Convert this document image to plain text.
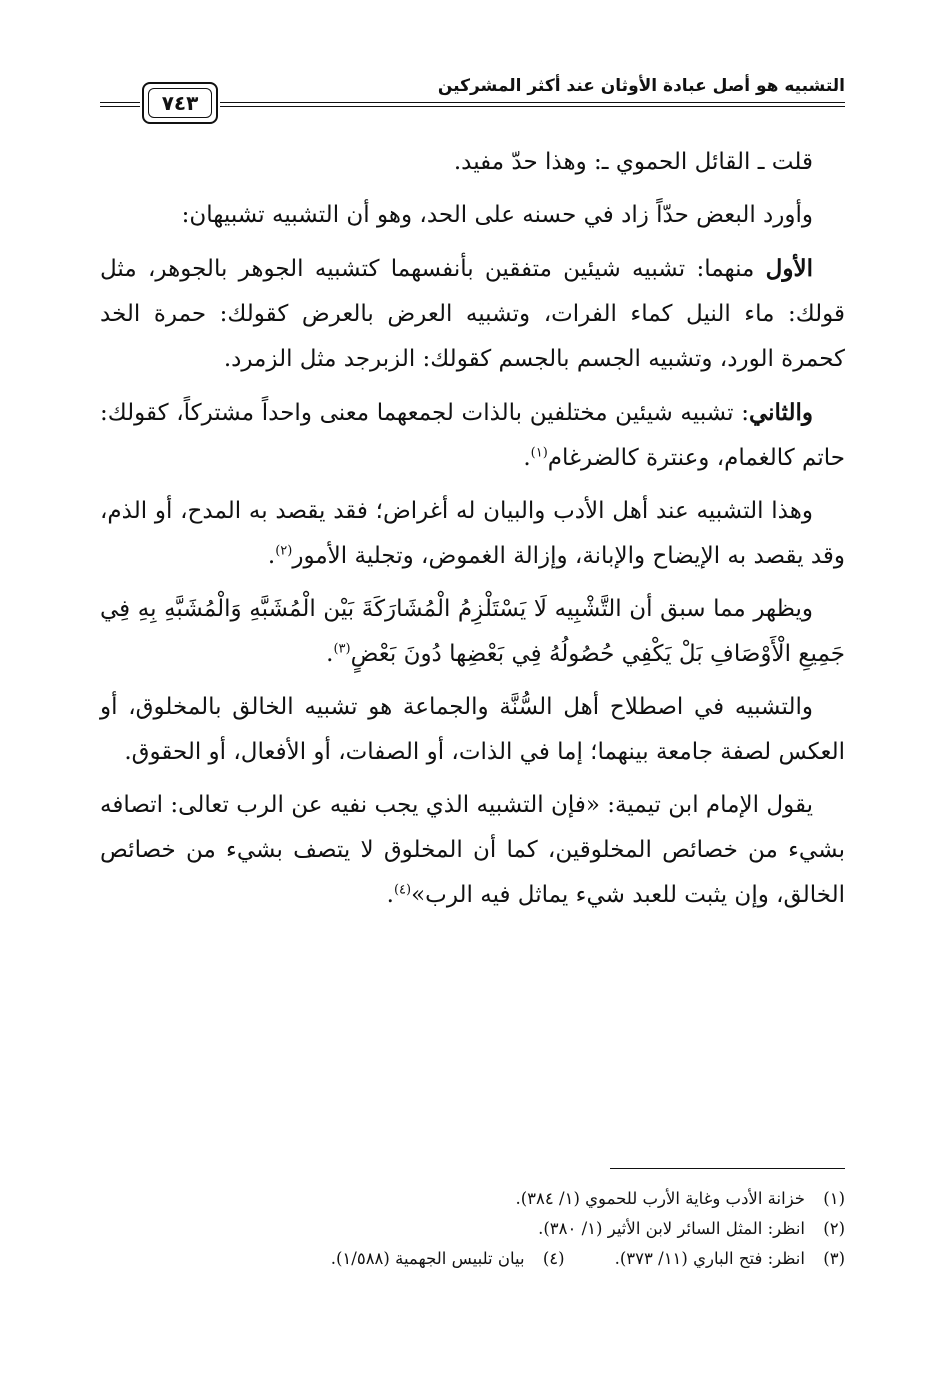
التشبيه هو أصل عبادة الأوثان عند أكثر المشركين
٧٤٣

قلت ـ القائل الحموي ـ: وهذا حدّ مفيد.

وأورد البعض حدّاً زاد في حسنه على الحد، وهو أن التشبيه تشبيهان:

الأول منهما: تشبيه شيئين متفقين بأنفسهما كتشبيه الجوهر بالجوهر، مثل قولك: ماء النيل كماء الفرات، وتشبيه العرض بالعرض كقولك: حمرة الخد كحمرة الورد، وتشبيه الجسم بالجسم كقولك: الزبرجد مثل الزمرد.

والثاني: تشبيه شيئين مختلفين بالذات لجمعهما معنى واحداً مشتركاً، كقولك: حاتم كالغمام، وعنترة كالضرغام$^{(١)}$.

وهذا التشبيه عند أهل الأدب والبيان له أغراض؛ فقد يقصد به المدح، أو الذم، وقد يقصد به الإيضاح والإبانة، وإزالة الغموض، وتجلية الأمور$^{(٢)}$.

ويظهر مما سبق أن التَّشْبِيه لَا يَسْتَلْزِمُ الْمُشَارَكَةَ بَيْن الْمُشَبَّهِ وَالْمُشَبَّهِ بِهِ فِي جَمِيعِ الْأَوْصَافِ بَلْ يَكْفِي حُصُولُهُ فِي بَعْضِها دُونَ بَعْضٍ$^{(٣)}$.

والتشبيه في اصطلاح أهل السُّنَّة والجماعة هو تشبيه الخالق بالمخلوق، أو العكس لصفة جامعة بينهما؛ إما في الذات، أو الصفات، أو الأفعال، أو الحقوق.

يقول الإمام ابن تيمية: «فإن التشبيه الذي يجب نفيه عن الرب تعالى: اتصافه بشيء من خصائص المخلوقين، كما أن المخلوق لا يتصف بشيء من خصائص الخالق، وإن يثبت للعبد شيء يماثل فيه الرب»$^{(٤)}$.

(١)خزانة الأدب وغاية الأرب للحموي (١/ ٣٨٤).
(٢)انظر: المثل السائر لابن الأثير (١/ ٣٨٠).
(٣)انظر: فتح الباري (١١/ ٣٧٣).
(٤)بيان تلبيس الجهمية (١/٥٨٨).
